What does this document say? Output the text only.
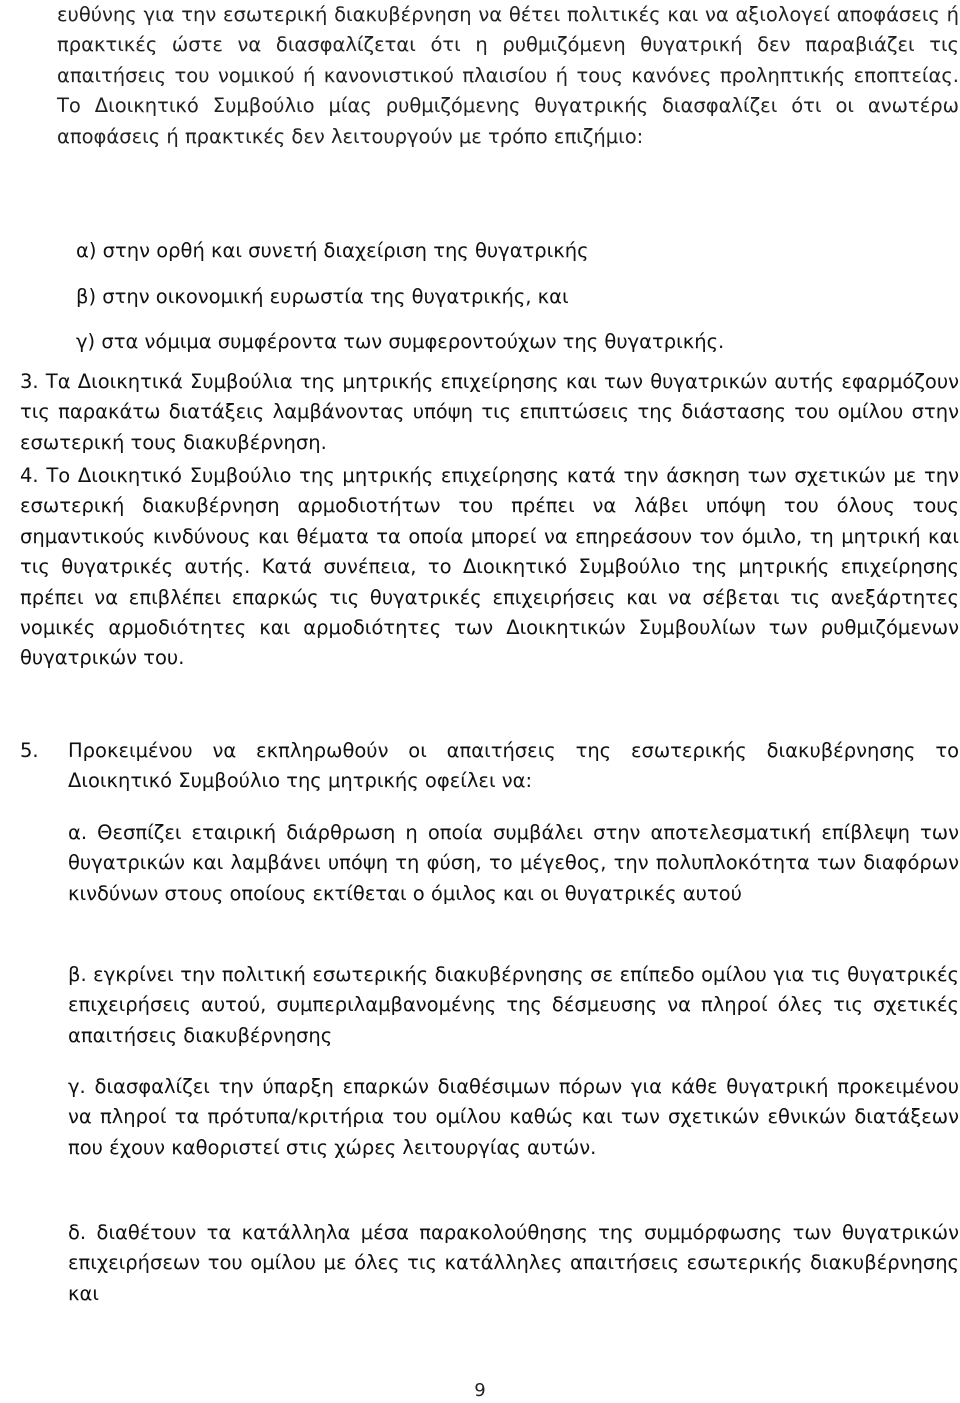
ευθύνης για την εσωτερική διακυβέρνηση να θέτει πολιτικές και να αξιολογεί αποφάσεις ή πρακτικές ώστε να διασφαλίζεται ότι η ρυθμιζόμενη θυγατρική δεν παραβιάζει τις απαιτήσεις του νομικού ή κανονιστικού πλαισίου ή τους κανόνες προληπτικής εποπτείας. Το Διοικητικό Συμβούλιο μίας ρυθμιζόμενης θυγατρικής διασφαλίζει ότι οι ανωτέρω αποφάσεις ή πρακτικές δεν λειτουργούν με τρόπο επιζήμιο:

α) στην ορθή και συνετή διαχείριση της θυγατρικής

β) στην οικονομική ευρωστία της θυγατρικής, και

γ) στα νόμιμα συμφέροντα των συμφεροντούχων της θυγατρικής.

3. Τα Διοικητικά Συμβούλια της μητρικής επιχείρησης και των θυγατρικών αυτής εφαρμόζουν τις παρακάτω διατάξεις λαμβάνοντας υπόψη τις επιπτώσεις της διάστασης του ομίλου στην εσωτερική τους διακυβέρνηση.

4. Το Διοικητικό Συμβούλιο της μητρικής επιχείρησης κατά την άσκηση των σχετικών με την εσωτερική διακυβέρνηση αρμοδιοτήτων του πρέπει να λάβει υπόψη του όλους τους σημαντικούς κινδύνους και θέματα τα οποία μπορεί να επηρεάσουν τον όμιλο, τη μητρική και τις θυγατρικές αυτής. Κατά συνέπεια, το Διοικητικό Συμβούλιο της μητρικής επιχείρησης πρέπει να επιβλέπει επαρκώς τις θυγατρικές επιχειρήσεις και να σέβεται τις ανεξάρτητες νομικές αρμοδιότητες και αρμοδιότητες των Διοικητικών Συμβουλίων των ρυθμιζόμενων θυγατρικών του.

5.	Προκειμένου να εκπληρωθούν οι απαιτήσεις της εσωτερικής διακυβέρνησης το Διοικητικό Συμβούλιο της μητρικής οφείλει να:

α. Θεσπίζει εταιρική διάρθρωση η οποία συμβάλει στην αποτελεσματική επίβλεψη των θυγατρικών και λαμβάνει υπόψη τη φύση, το μέγεθος, την πολυπλοκότητα των διαφόρων κινδύνων στους οποίους εκτίθεται ο όμιλος και οι θυγατρικές αυτού

β. εγκρίνει την πολιτική εσωτερικής διακυβέρνησης σε επίπεδο ομίλου για τις θυγατρικές επιχειρήσεις αυτού, συμπεριλαμβανομένης της δέσμευσης να πληροί όλες τις σχετικές απαιτήσεις διακυβέρνησης

γ. διασφαλίζει την ύπαρξη επαρκών διαθέσιμων πόρων για κάθε θυγατρική προκειμένου να πληροί τα πρότυπα/κριτήρια του ομίλου καθώς και των σχετικών εθνικών διατάξεων που έχουν καθοριστεί στις χώρες λειτουργίας αυτών.

δ. διαθέτουν τα κατάλληλα μέσα παρακολούθησης της συμμόρφωσης των θυγατρικών επιχειρήσεων του ομίλου με όλες τις κατάλληλες απαιτήσεις εσωτερικής διακυβέρνησης και

9
